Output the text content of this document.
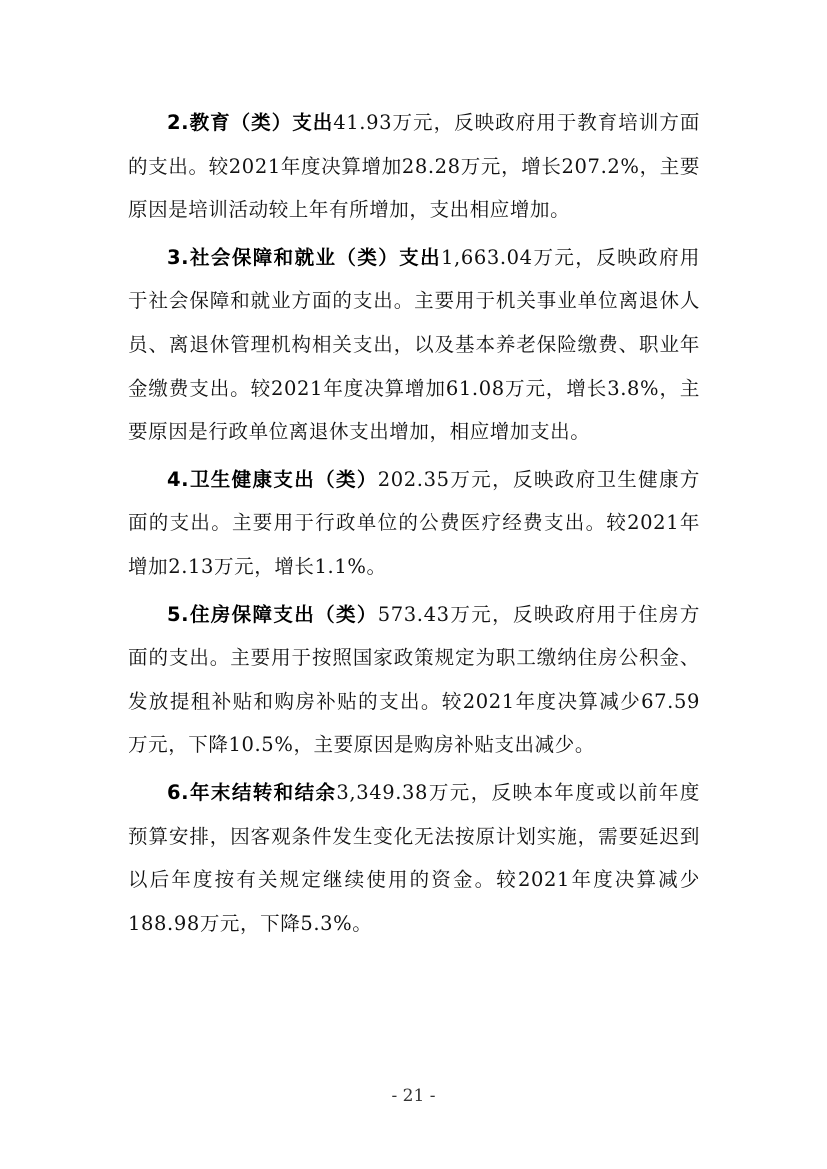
2.教育（类）支出41.93万元，反映政府用于教育培训方面的支出。较2021年度决算增加28.28万元，增长207.2%，主要原因是培训活动较上年有所增加，支出相应增加。

3.社会保障和就业（类）支出1,663.04万元，反映政府用于社会保障和就业方面的支出。主要用于机关事业单位离退休人员、离退休管理机构相关支出，以及基本养老保险缴费、职业年金缴费支出。较2021年度决算增加61.08万元，增长3.8%，主要原因是行政单位离退休支出增加，相应增加支出。

4.卫生健康支出（类）202.35万元，反映政府卫生健康方面的支出。主要用于行政单位的公费医疗经费支出。较2021年增加2.13万元，增长1.1%。

5.住房保障支出（类）573.43万元，反映政府用于住房方面的支出。主要用于按照国家政策规定为职工缴纳住房公积金、发放提租补贴和购房补贴的支出。较2021年度决算减少67.59万元，下降10.5%，主要原因是购房补贴支出减少。

6.年末结转和结余3,349.38万元，反映本年度或以前年度预算安排，因客观条件发生变化无法按原计划实施，需要延迟到以后年度按有关规定继续使用的资金。较2021年度决算减少188.98万元，下降5.3%。

- 21 -
